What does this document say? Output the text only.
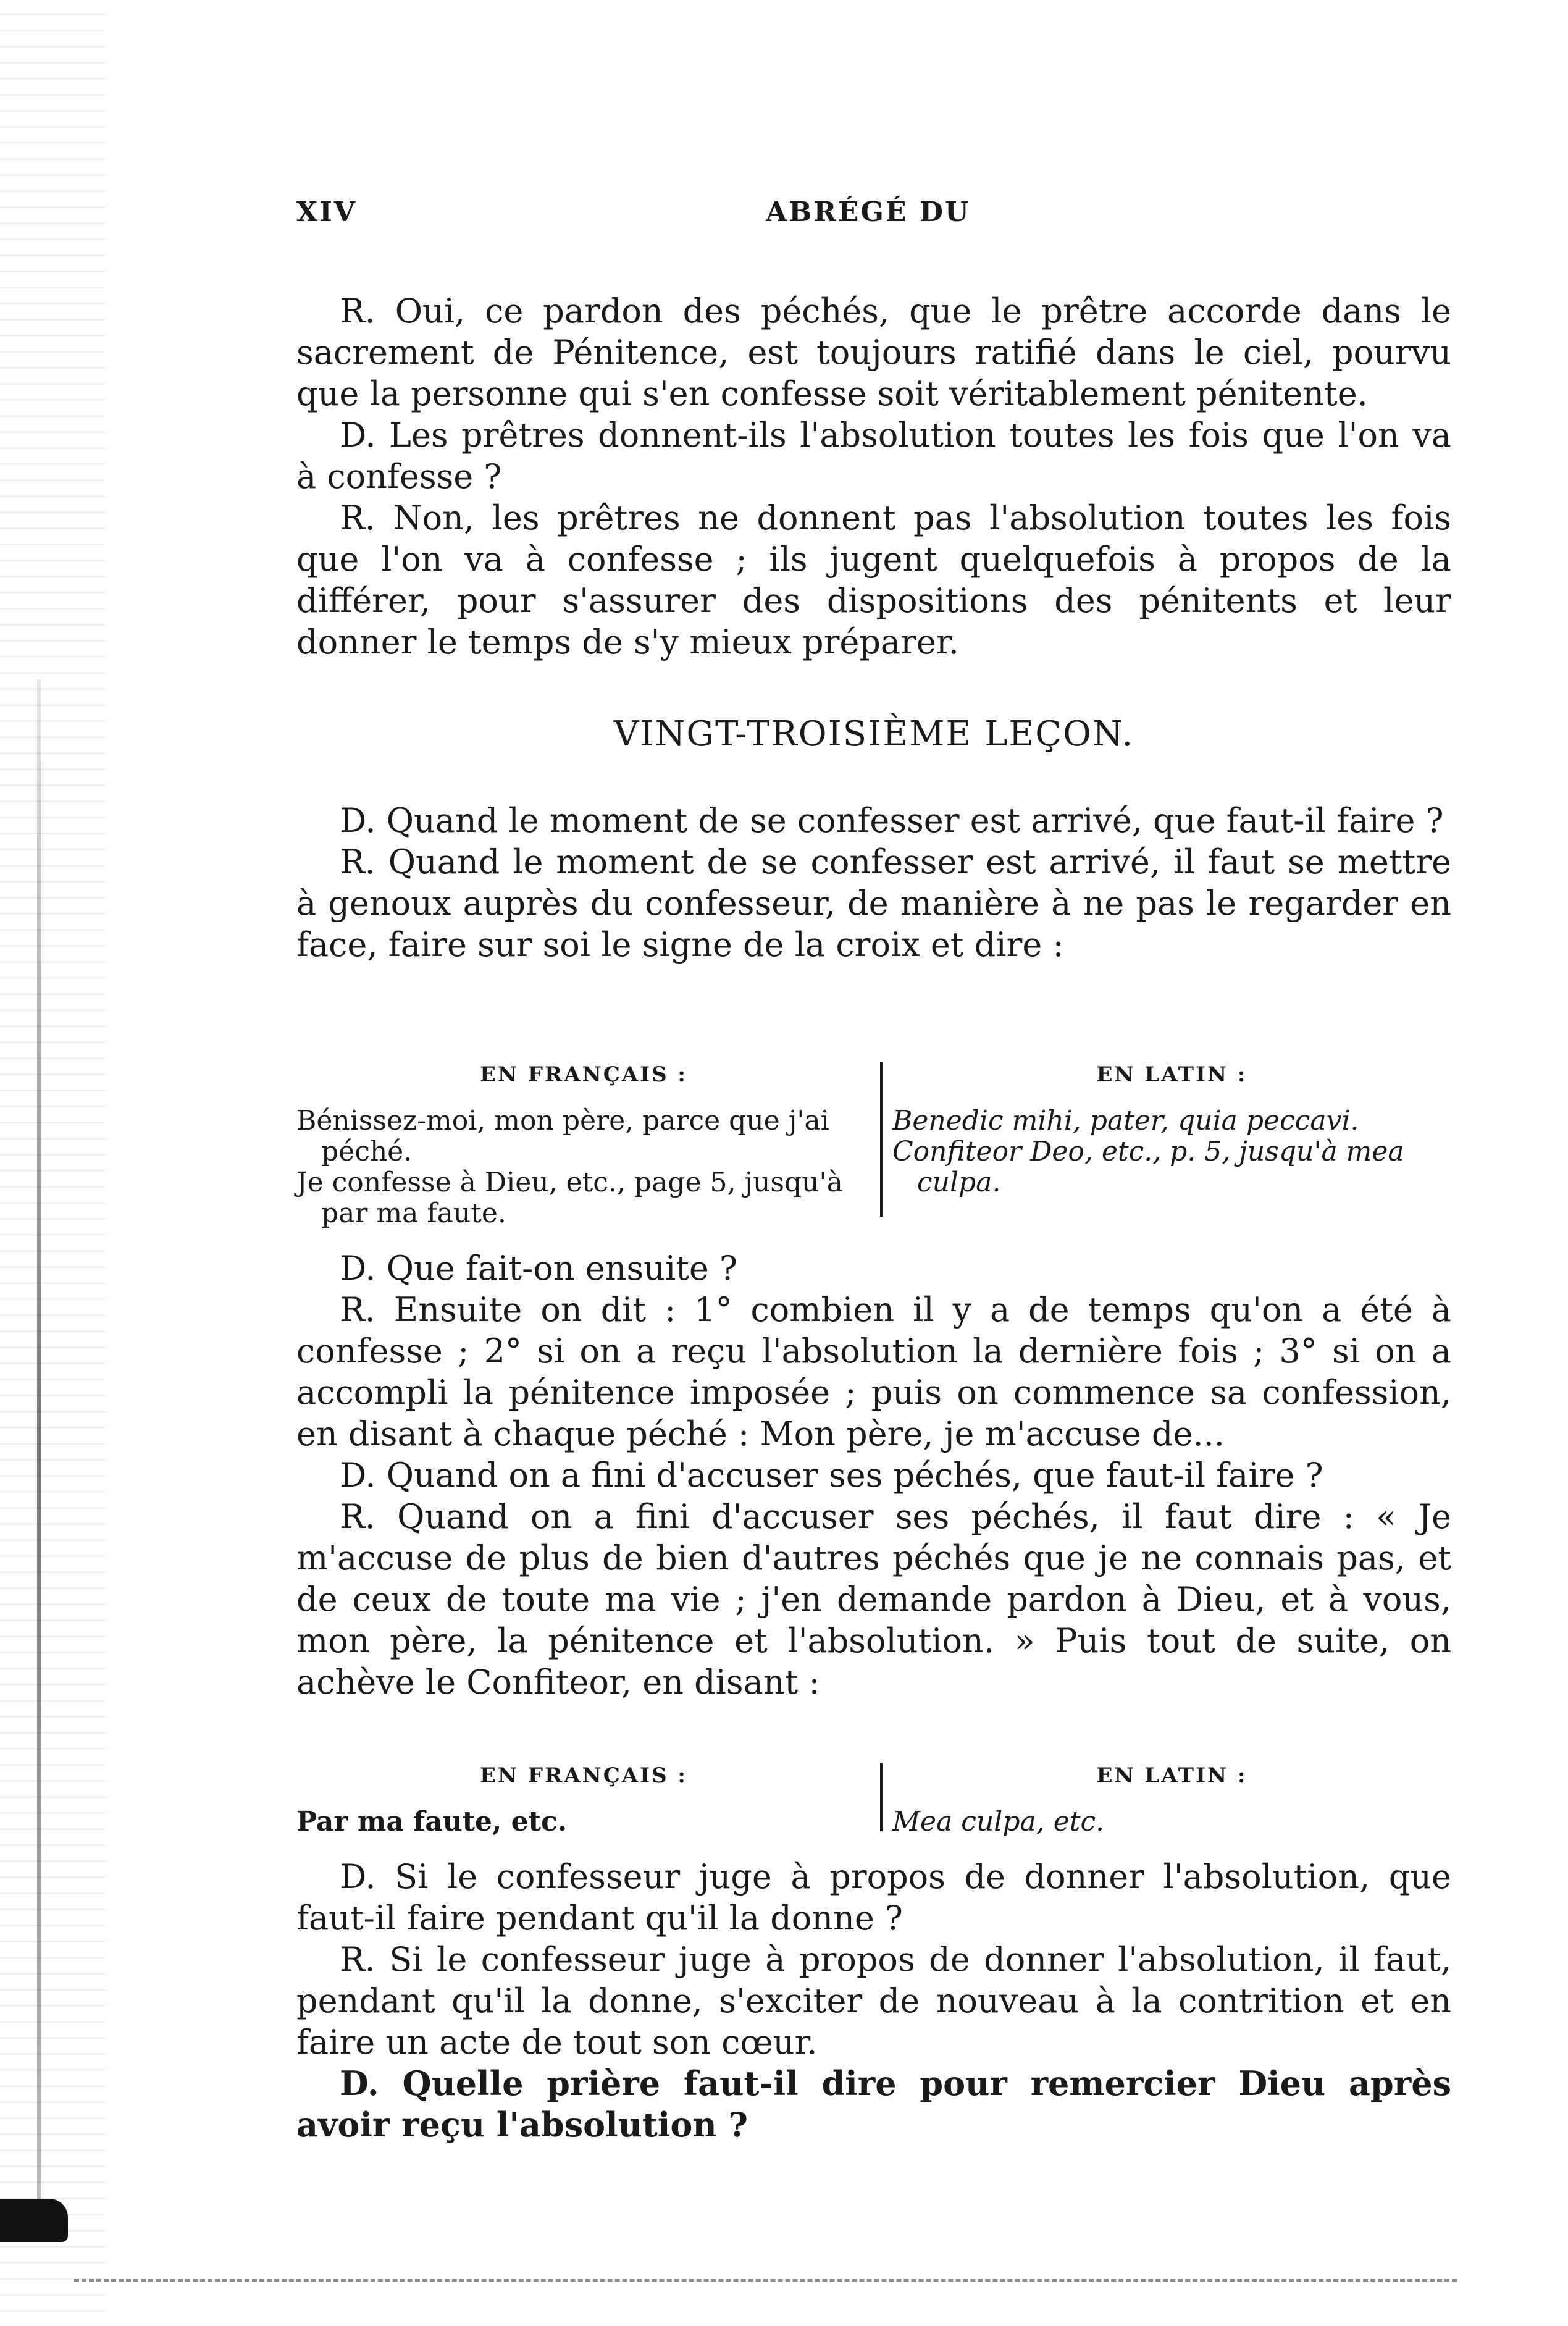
XIV	ABRÉGÉ DU

R. Oui, ce pardon des péchés, que le prêtre accorde dans le sacrement de Pénitence, est toujours ratifié dans le ciel, pourvu que la personne qui s'en confesse soit véritablement pénitente.

D. Les prêtres donnent-ils l'absolution toutes les fois que l'on va à confesse ?

R. Non, les prêtres ne donnent pas l'absolution toutes les fois que l'on va à confesse ; ils jugent quelquefois à propos de la différer, pour s'assurer des dispositions des pénitents et leur donner le temps de s'y mieux préparer.

VINGT-TROISIÈME LEÇON.

D. Quand le moment de se confesser est arrivé, que faut-il faire ?

R. Quand le moment de se confesser est arrivé, il faut se mettre à genoux auprès du confesseur, de manière à ne pas le regarder en face, faire sur soi le signe de la croix et dire :

EN FRANÇAIS :
Bénissez-moi, mon père, parce que j'ai péché.
Je confesse à Dieu, etc., page 5, jusqu'à par ma faute.
EN LATIN :
Benedic mihi, pater, quia peccavi.
Confiteor Deo, etc., p. 5, jusqu'à mea culpa.

D. Que fait-on ensuite ?

R. Ensuite on dit : 1° combien il y a de temps qu'on a été à confesse ; 2° si on a reçu l'absolution la dernière fois ; 3° si on a accompli la pénitence imposée ; puis on commence sa confession, en disant à chaque péché : Mon père, je m'accuse de...

D. Quand on a fini d'accuser ses péchés, que faut-il faire ?

R. Quand on a fini d'accuser ses péchés, il faut dire : « Je m'accuse de plus de bien d'autres péchés que je ne connais pas, et de ceux de toute ma vie ; j'en demande pardon à Dieu, et à vous, mon père, la pénitence et l'absolution. » Puis tout de suite, on achève le Confiteor, en disant :

EN FRANÇAIS :
Par ma faute, etc.
EN LATIN :
Mea culpa, etc.

D. Si le confesseur juge à propos de donner l'absolution, que faut-il faire pendant qu'il la donne ?

R. Si le confesseur juge à propos de donner l'absolution, il faut, pendant qu'il la donne, s'exciter de nouveau à la contrition et en faire un acte de tout son cœur.

D. Quelle prière faut-il dire pour remercier Dieu après avoir reçu l'absolution ?
